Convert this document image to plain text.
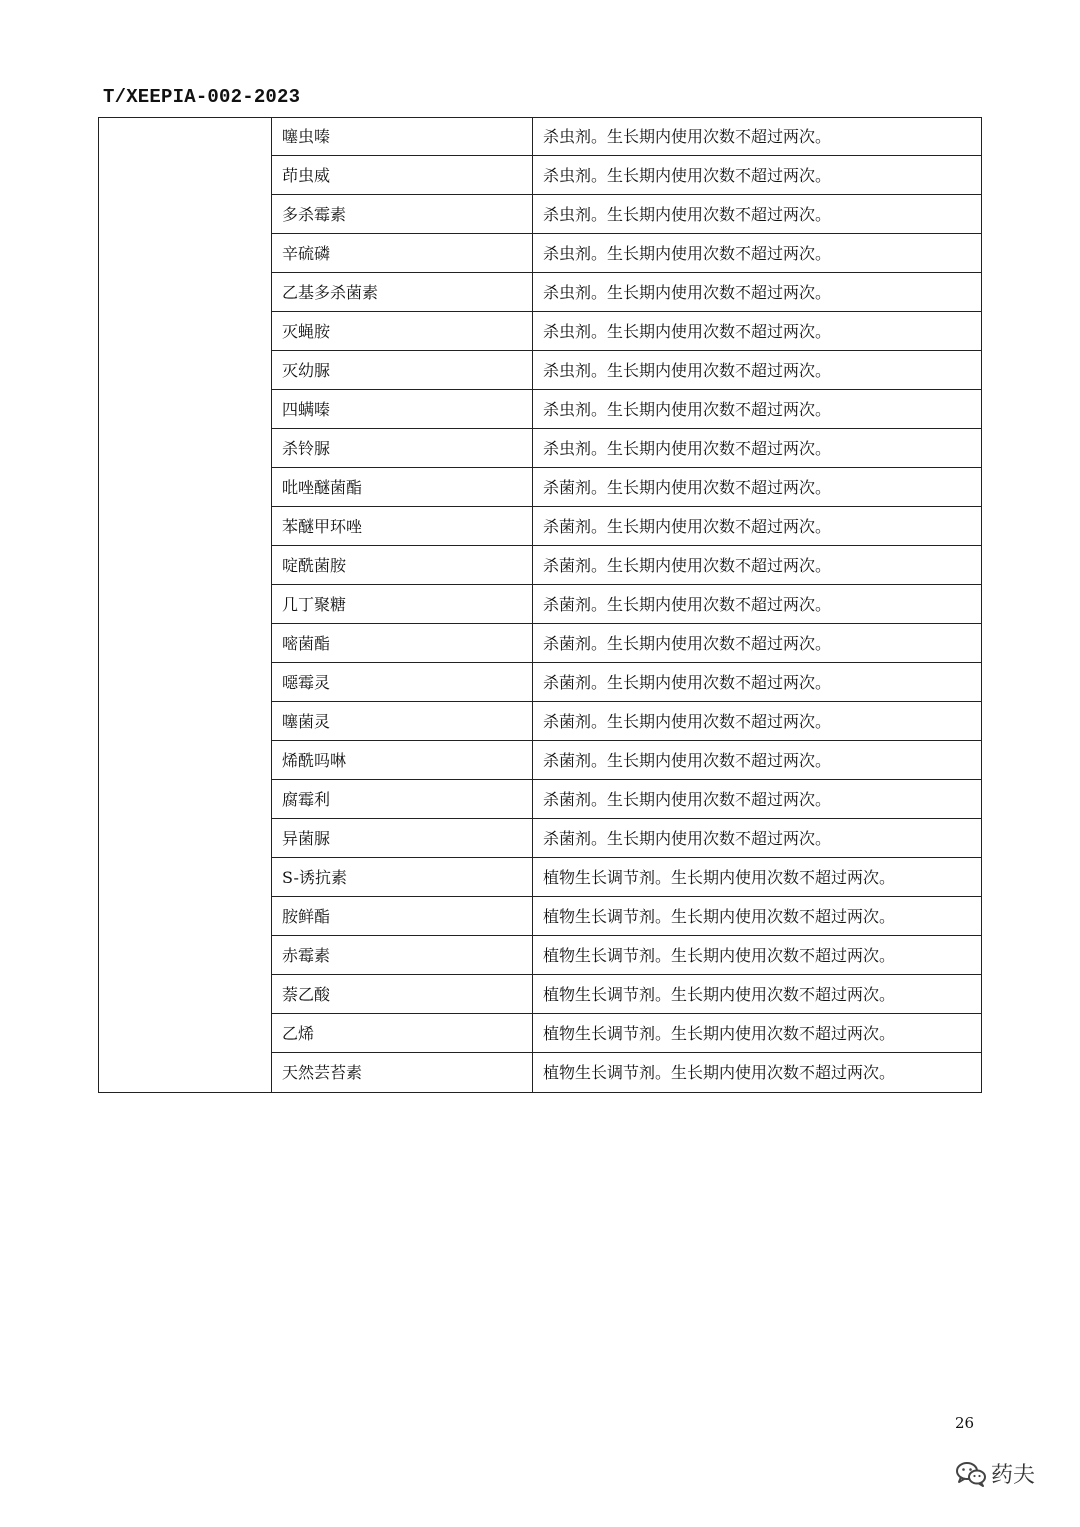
T/XEEPIA-002-2023
噻虫嗪	杀虫剂。生长期内使用次数不超过两次。
茚虫威	杀虫剂。生长期内使用次数不超过两次。
多杀霉素	杀虫剂。生长期内使用次数不超过两次。
辛硫磷	杀虫剂。生长期内使用次数不超过两次。
乙基多杀菌素	杀虫剂。生长期内使用次数不超过两次。
灭蝇胺	杀虫剂。生长期内使用次数不超过两次。
灭幼脲	杀虫剂。生长期内使用次数不超过两次。
四螨嗪	杀虫剂。生长期内使用次数不超过两次。
杀铃脲	杀虫剂。生长期内使用次数不超过两次。
吡唑醚菌酯	杀菌剂。生长期内使用次数不超过两次。
苯醚甲环唑	杀菌剂。生长期内使用次数不超过两次。
啶酰菌胺	杀菌剂。生长期内使用次数不超过两次。
几丁聚糖	杀菌剂。生长期内使用次数不超过两次。
嘧菌酯	杀菌剂。生长期内使用次数不超过两次。
噁霉灵	杀菌剂。生长期内使用次数不超过两次。
噻菌灵	杀菌剂。生长期内使用次数不超过两次。
烯酰吗啉	杀菌剂。生长期内使用次数不超过两次。
腐霉利	杀菌剂。生长期内使用次数不超过两次。
异菌脲	杀菌剂。生长期内使用次数不超过两次。
S-诱抗素	植物生长调节剂。生长期内使用次数不超过两次。
胺鲜酯	植物生长调节剂。生长期内使用次数不超过两次。
赤霉素	植物生长调节剂。生长期内使用次数不超过两次。
萘乙酸	植物生长调节剂。生长期内使用次数不超过两次。
乙烯	植物生长调节剂。生长期内使用次数不超过两次。
天然芸苔素	植物生长调节剂。生长期内使用次数不超过两次。
26
药夫
